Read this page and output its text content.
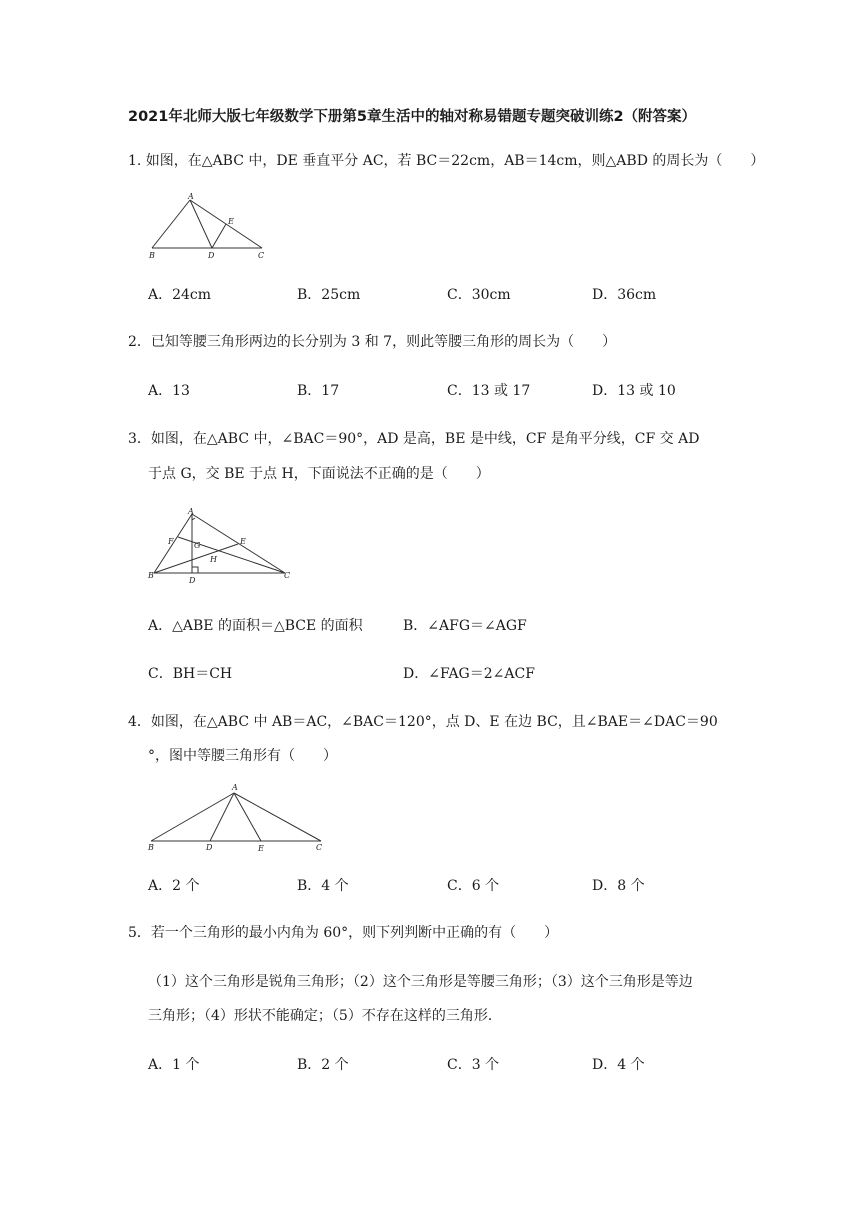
2021年北师大版七年级数学下册第5章生活中的轴对称易错题专题突破训练2（附答案）
1. 如图，在△ABC 中，DE 垂直平分 AC，若 BC＝22cm，AB＝14cm，则△ABD 的周长为（　　）
A
E
B	D	C
A．24cm	B．25cm	C．30cm	D．36cm
2．已知等腰三角形两边的长分别为 3 和 7，则此等腰三角形的周长为（　　）
A．13	B．17	C．13 或 17	D．13 或 10
3．如图，在△ABC 中，∠BAC＝90°，AD 是高，BE 是中线，CF 是角平分线，CF 交 AD
于点 G，交 BE 于点 H，下面说法不正确的是（　　）
A
F	G	E
H
B
D
C
A．△ABE 的面积＝△BCE 的面积	B．∠AFG＝∠AGF
C．BH＝CH	D．∠FAG＝2∠ACF
4．如图，在△ABC 中 AB＝AC，∠BAC＝120°，点 D、E 在边 BC，且∠BAE＝∠DAC＝90
°，图中等腰三角形有（　　）
A
B	D	E	C
A．2 个	B．4 个	C．6 个	D．8 个
5．若一个三角形的最小内角为 60°，则下列判断中正确的有（　　）
（1）这个三角形是锐角三角形；（2）这个三角形是等腰三角形；（3）这个三角形是等边
三角形；（4）形状不能确定；（5）不存在这样的三角形．
A．1 个	B．2 个	C．3 个	D．4 个
